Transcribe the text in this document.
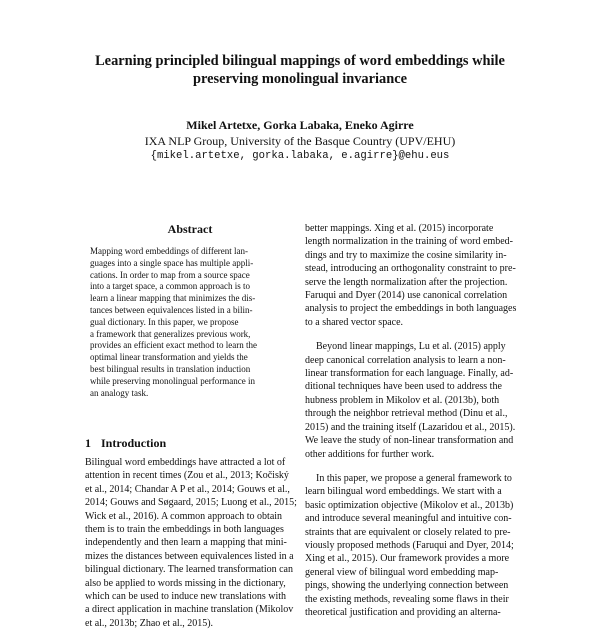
Learning principled bilingual mappings of word embeddings while
preserving monolingual invariance
Mikel Artetxe, Gorka Labaka, Eneko Agirre
IXA NLP Group, University of the Basque Country (UPV/EHU)
{mikel.artetxe, gorka.labaka, e.agirre}@ehu.eus
Abstract
Mapping word embeddings of different lan-
guages into a single space has multiple appli-
cations. In order to map from a source space
into a target space, a common approach is to
learn a linear mapping that minimizes the dis-
tances between equivalences listed in a bilin-
gual dictionary. In this paper, we propose
a framework that generalizes previous work,
provides an efficient exact method to learn the
optimal linear transformation and yields the
best bilingual results in translation induction
while preserving monolingual performance in
an analogy task.
1 Introduction
Bilingual word embeddings have attracted a lot of
attention in recent times (Zou et al., 2013; Kočiský
et al., 2014; Chandar A P et al., 2014; Gouws et al.,
2014; Gouws and Søgaard, 2015; Luong et al., 2015;
Wick et al., 2016). A common approach to obtain
them is to train the embeddings in both languages
independently and then learn a mapping that mini-
mizes the distances between equivalences listed in a
bilingual dictionary. The learned transformation can
also be applied to words missing in the dictionary,
which can be used to induce new translations with
a direct application in machine translation (Mikolov
et al., 2013b; Zhao et al., 2015).
better mappings. Xing et al. (2015) incorporate
length normalization in the training of word embed-
dings and try to maximize the cosine similarity in-
stead, introducing an orthogonality constraint to pre-
serve the length normalization after the projection.
Faruqui and Dyer (2014) use canonical correlation
analysis to project the embeddings in both languages
to a shared vector space.
Beyond linear mappings, Lu et al. (2015) apply
deep canonical correlation analysis to learn a non-
linear transformation for each language. Finally, ad-
ditional techniques have been used to address the
hubness problem in Mikolov et al. (2013b), both
through the neighbor retrieval method (Dinu et al.,
2015) and the training itself (Lazaridou et al., 2015).
We leave the study of non-linear transformation and
other additions for further work.
In this paper, we propose a general framework to
learn bilingual word embeddings. We start with a
basic optimization objective (Mikolov et al., 2013b)
and introduce several meaningful and intuitive con-
straints that are equivalent or closely related to pre-
viously proposed methods (Faruqui and Dyer, 2014;
Xing et al., 2015). Our framework provides a more
general view of bilingual word embedding map-
pings, showing the underlying connection between
the existing methods, revealing some flaws in their
theoretical justification and providing an alterna-
